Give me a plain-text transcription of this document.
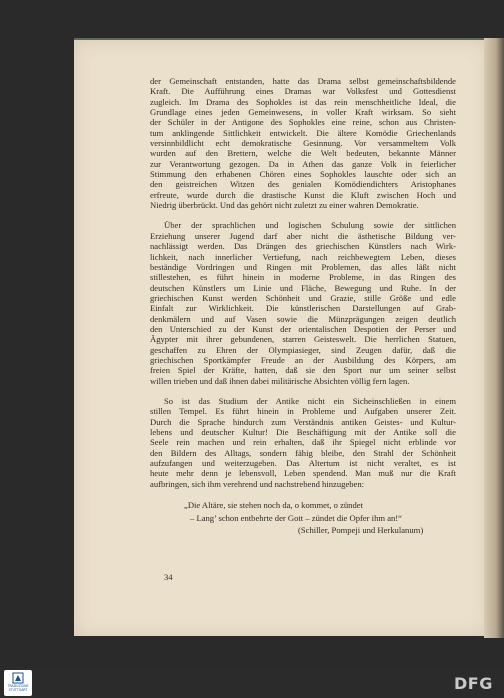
der Gemeinschaft entstanden, hatte das Drama selbst gemeinschaftsbildende
Kraft. Die Aufführung eines Dramas war Volksfest und Gottesdienst
zugleich. Im Drama des Sophokles ist das rein menschheitliche Ideal, die
Grundlage eines jeden Gemeinwesens, in voller Kraft wirksam. So sieht
der Schüler in der Antigone des Sophokles eine reine, schon aus Christen-
tum anklingende Sittlichkeit entwickelt. Die ältere Komödie Griechenlands
versinnbildlicht echt demokratische Gesinnung. Vor versammeltem Volk
wurden auf den Brettern, welche die Welt bedeuten, bekannte Männer
zur Verantwortung gezogen. Da in Athen das ganze Volk in feierlicher
Stimmung den erhabenen Chören eines Sophokles lauschte oder sich an
den geistreichen Witzen des genialen Komödiendichters Aristophanes
erfreute, wurde durch die drastische Kunst die Kluft zwischen Hoch und
Niedrig überbrückt. Und das gehört nicht zuletzt zu einer wahren Demokratie.
Über der sprachlichen und logischen Schulung sowie der sittlichen
Erziehung unserer Jugend darf aber nicht die ästhetische Bildung ver-
nachlässigt werden. Das Drängen des griechischen Künstlers nach Wirk-
lichkeit, nach innerlicher Vertiefung, nach reichbewegtem Leben, dieses
beständige Vordringen und Ringen mit Problemen, das alles läßt nicht
stillestehen, es führt hinein in moderne Probleme, in das Ringen des
deutschen Künstlers um Linie und Fläche, Bewegung und Ruhe. In der
griechischen Kunst werden Schönheit und Grazie, stille Größe und edle
Einfalt zur Wirklichkeit. Die künstlerischen Darstellungen auf Grab-
denkmälern und auf Vasen sowie die Münzprägungen zeigen deutlich
den Unterschied zu der Kunst der orientalischen Despotien der Perser und
Ägypter mit ihrer gebundenen, starren Geisteswelt. Die herrlichen Statuen,
geschaffen zu Ehren der Olympiasieger, sind Zeugen dafür, daß die
griechischen Sportkämpfer Freude an der Ausbildung des Körpers, am
freien Spiel der Kräfte, hatten, daß sie den Sport nur um seiner selbst
willen trieben und daß ihnen dabei militärische Absichten völlig fern lagen.
So ist das Studium der Antike nicht ein Sicheinschließen in einem
stillen Tempel. Es führt hinein in Probleme und Aufgaben unserer Zeit.
Durch die Sprache hindurch zum Verständnis antiken Geistes- und Kultur-
lebens und deutscher Kultur! Die Beschäftigung mit der Antike soll die
Seele rein machen und rein erhalten, daß ihr Spiegel nicht erblinde vor
den Bildern des Alltags, sondern fähig bleibe, den Strahl der Schönheit
aufzufangen und weiterzugeben. Das Altertum ist nicht veraltet, es ist
heute mehr denn je lebensvoll, Leben spendend. Man muß nur die Kraft
aufbringen, sich ihm verehrend und nachstrebend hinzugeben:
„Die Altäre, sie stehen noch da, o kommet, o zündet
– Lang’ schon entbehrte der Gott – zündet die Opfer ihm an!“
(Schiller, Pompeji und Herkulanum)
34
TRADUZIONE STUTTGART	DFG
